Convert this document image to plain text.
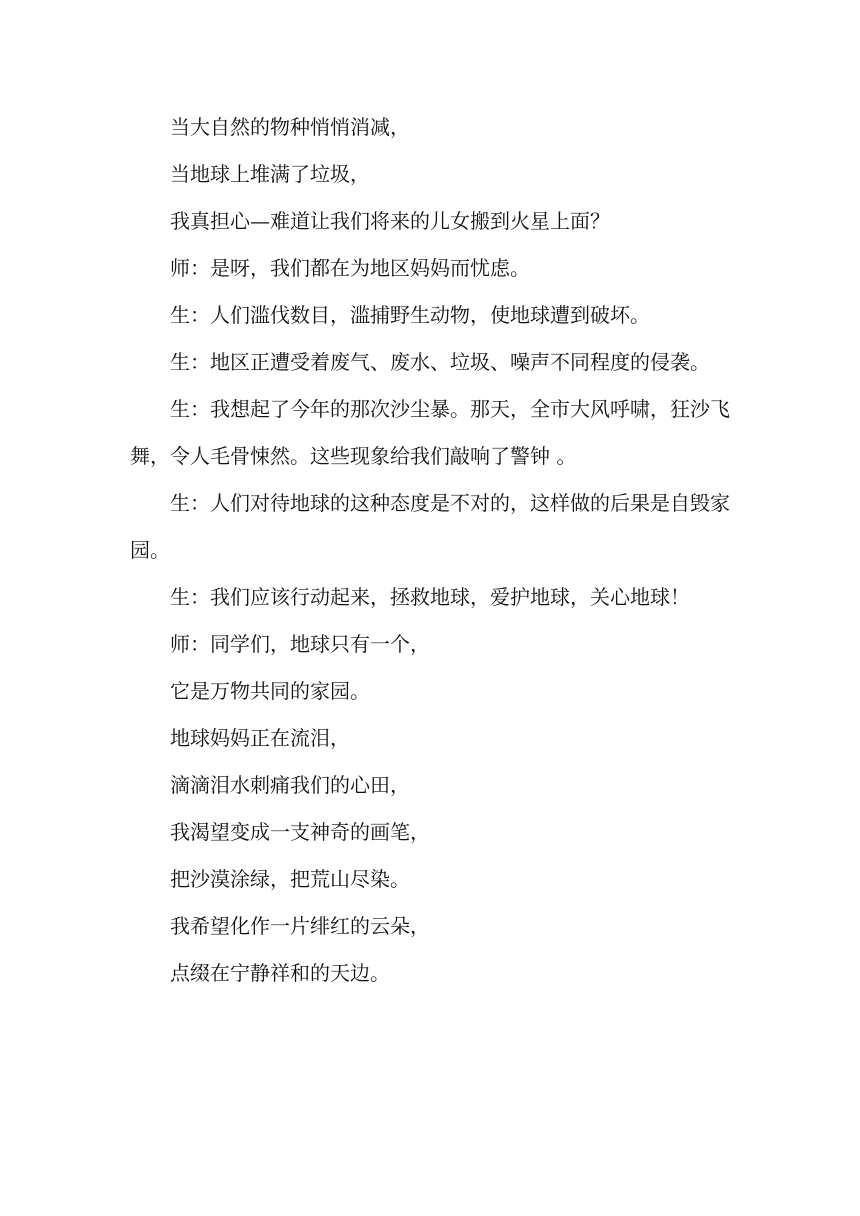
当大自然的物种悄悄消减，

当地球上堆满了垃圾，

我真担心—难道让我们将来的儿女搬到火星上面？

师：是呀，我们都在为地区妈妈而忧虑。

生：人们滥伐数目，滥捕野生动物，使地球遭到破坏。

生：地区正遭受着废气、废水、垃圾、噪声不同程度的侵袭。

生：我想起了今年的那次沙尘暴。那天，全市大风呼啸，狂沙飞舞，令人毛骨悚然。这些现象给我们敲响了警钟 。

生：人们对待地球的这种态度是不对的，这样做的后果是自毁家园。

生：我们应该行动起来，拯救地球，爱护地球，关心地球！

师：同学们，地球只有一个，

它是万物共同的家园。

地球妈妈正在流泪，

滴滴泪水刺痛我们的心田，

我渴望变成一支神奇的画笔，

把沙漠涂绿，把荒山尽染。

我希望化作一片绯红的云朵，

点缀在宁静祥和的天边。
